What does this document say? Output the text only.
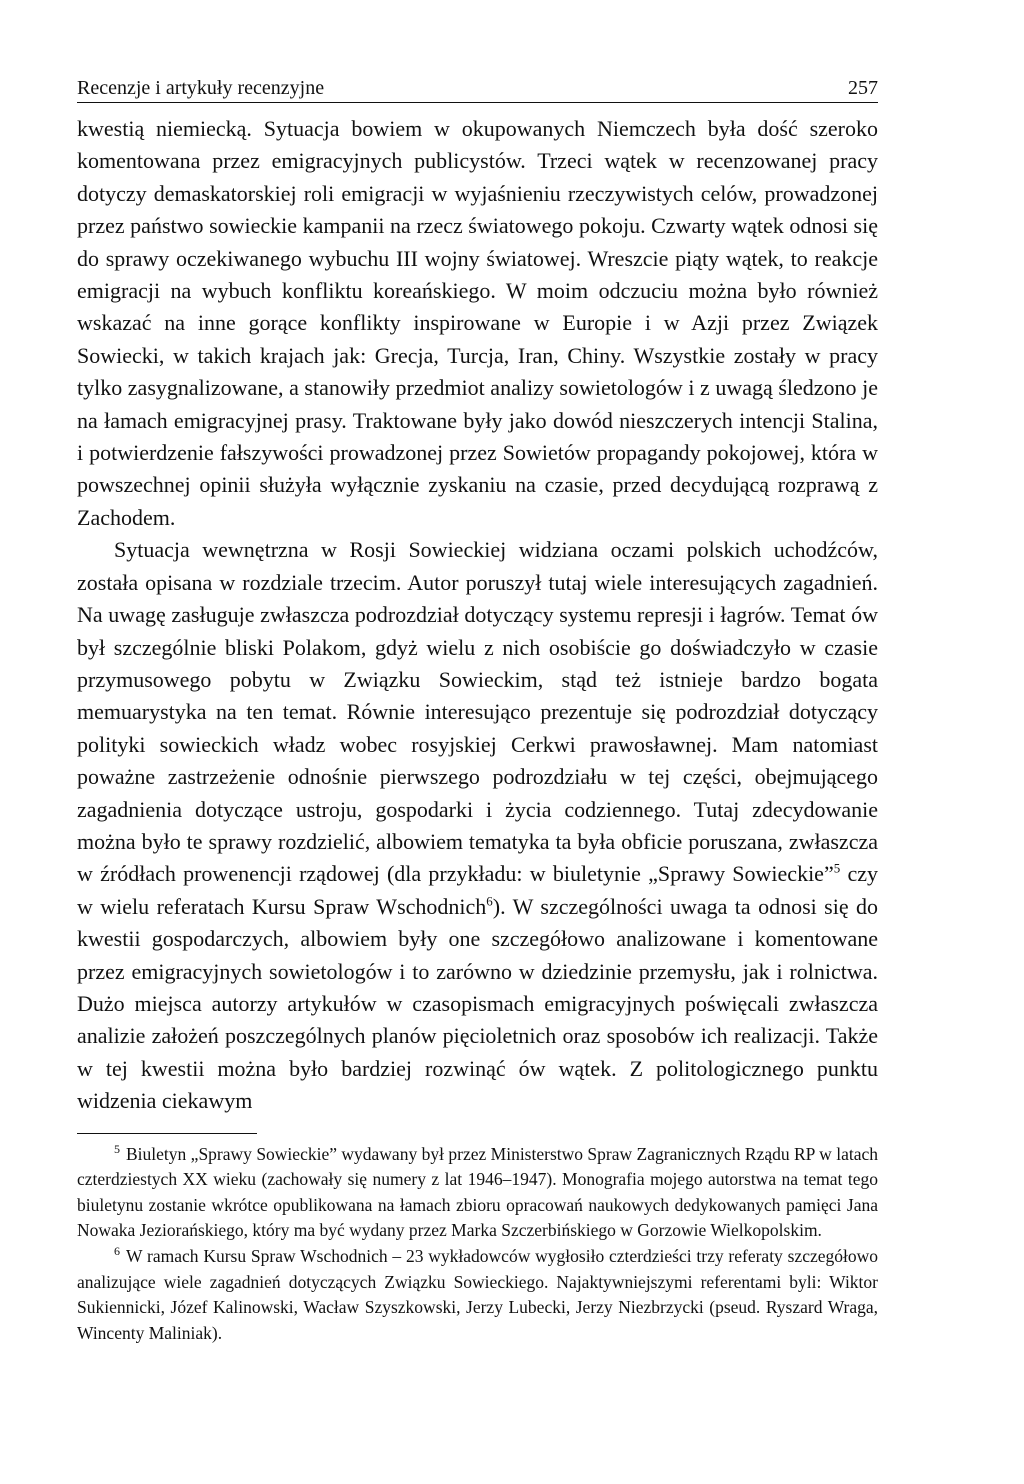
Recenzje i artykuły recenzyjne	257

kwestią niemiecką. Sytuacja bowiem w okupowanych Niemczech była dość szeroko komentowana przez emigracyjnych publicystów. Trzeci wątek w recenzowanej pracy dotyczy demaskatorskiej roli emigracji w wyjaśnieniu rzeczywistych celów, prowadzonej przez państwo sowieckie kampanii na rzecz światowego pokoju. Czwarty wątek odnosi się do sprawy oczekiwanego wybuchu III wojny światowej. Wreszcie piąty wątek, to reakcje emigracji na wybuch konfliktu koreańskiego. W moim odczuciu można było również wskazać na inne gorące konflikty inspirowane w Europie i w Azji przez Związek Sowiecki, w takich krajach jak: Grecja, Turcja, Iran, Chiny. Wszystkie zostały w pracy tylko zasygnalizowane, a stanowiły przedmiot analizy sowietologów i z uwagą śledzono je na łamach emigracyjnej prasy. Traktowane były jako dowód nieszczerych intencji Stalina, i potwierdzenie fałszywości prowadzonej przez Sowietów propagandy pokojowej, która w powszechnej opinii służyła wyłącznie zyskaniu na czasie, przed decydującą rozprawą z Zachodem.

Sytuacja wewnętrzna w Rosji Sowieckiej widziana oczami polskich uchodźców, została opisana w rozdziale trzecim. Autor poruszył tutaj wiele interesujących zagadnień. Na uwagę zasługuje zwłaszcza podrozdział dotyczący systemu represji i łagrów. Temat ów był szczególnie bliski Polakom, gdyż wielu z nich osobiście go doświadczyło w czasie przymusowego pobytu w Związku Sowieckim, stąd też istnieje bardzo bogata memuarystyka na ten temat. Równie interesująco prezentuje się podrozdział dotyczący polityki sowieckich władz wobec rosyjskiej Cerkwi prawosławnej. Mam natomiast poważne zastrzeżenie odnośnie pierwszego podrozdziału w tej części, obejmującego zagadnienia dotyczące ustroju, gospodarki i życia codziennego. Tutaj zdecydowanie można było te sprawy rozdzielić, albowiem tematyka ta była obficie poruszana, zwłaszcza w źródłach prowenencji rządowej (dla przykładu: w biuletynie „Sprawy Sowieckie”$^5$ czy w wielu referatach Kursu Spraw Wschodnich$^6$). W szczególności uwaga ta odnosi się do kwestii gospodarczych, albowiem były one szczegółowo analizowane i komentowane przez emigracyjnych sowietologów i to zarówno w dziedzinie przemysłu, jak i rolnictwa. Dużo miejsca autorzy artykułów w czasopismach emigracyjnych poświęcali zwłaszcza analizie założeń poszczególnych planów pięcioletnich oraz sposobów ich realizacji. Także w tej kwestii można było bardziej rozwinąć ów wątek. Z politologicznego punktu widzenia ciekawym

$^5$ Biuletyn „Sprawy Sowieckie” wydawany był przez Ministerstwo Spraw Zagranicznych Rządu RP w latach czterdziestych XX wieku (zachowały się numery z lat 1946–1947). Monografia mojego autorstwa na temat tego biuletynu zostanie wkrótce opublikowana na łamach zbioru opracowań naukowych dedykowanych pamięci Jana Nowaka Jeziorańskiego, który ma być wydany przez Marka Szczerbińskiego w Gorzowie Wielkopolskim.

$^6$ W ramach Kursu Spraw Wschodnich – 23 wykładowców wygłosiło czterdzieści trzy referaty szczegółowo analizujące wiele zagadnień dotyczących Związku Sowieckiego. Najaktywniejszymi referentami byli: Wiktor Sukiennicki, Józef Kalinowski, Wacław Szyszkowski, Jerzy Lubecki, Jerzy Niezbrzycki (pseud. Ryszard Wraga, Wincenty Maliniak).
